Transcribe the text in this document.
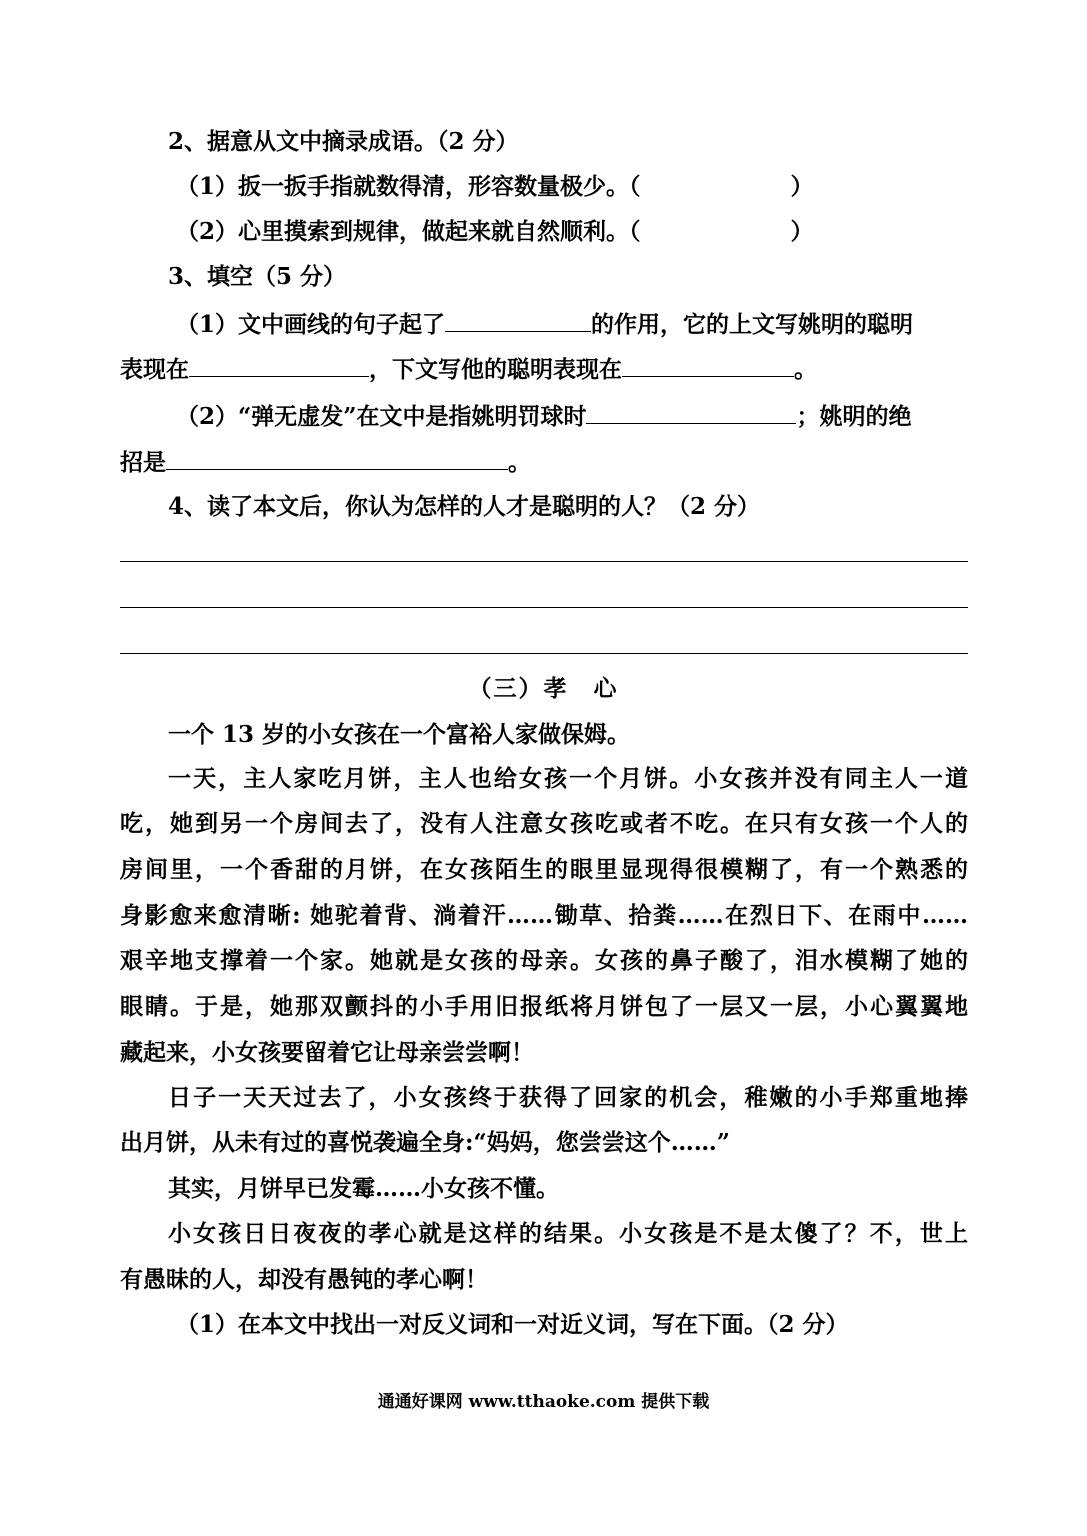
2、据意从文中摘录成语。（2 分）
（1）扳一扳手指就数得清，形容数量极少。（	）
（2）心里摸索到规律，做起来就自然顺利。（	）
3、填空（5 分）
（1）文中画线的句子起了	的作用，它的上文写姚明的聪明
表现在	，下文写他的聪明表现在	。
（2）“弹无虚发”在文中是指姚明罚球时	；姚明的绝
招是	。
4、读了本文后，你认为怎样的人才是聪明的人？（2 分）
（三）孝　心
一个 13 岁的小女孩在一个富裕人家做保姆。
一天，主人家吃月饼，主人也给女孩一个月饼。小女孩并没有同主人一道
吃，她到另一个房间去了，没有人注意女孩吃或者不吃。在只有女孩一个人的
房间里，一个香甜的月饼，在女孩陌生的眼里显现得很模糊了，有一个熟悉的
身影愈来愈清晰: 她驼着背、淌着汗……锄草、拾粪……在烈日下、在雨中……
艰辛地支撑着一个家。她就是女孩的母亲。女孩的鼻子酸了，泪水模糊了她的
眼睛。于是，她那双颤抖的小手用旧报纸将月饼包了一层又一层，小心翼翼地
藏起来，小女孩要留着它让母亲尝尝啊！
日子一天天过去了，小女孩终于获得了回家的机会，稚嫩的小手郑重地捧
出月饼，从未有过的喜悦袭遍全身:“妈妈，您尝尝这个……”
其实，月饼早已发霉……小女孩不懂。
小女孩日日夜夜的孝心就是这样的结果。小女孩是不是太傻了？不，世上
有愚昧的人，却没有愚钝的孝心啊！
（1）在本文中找出一对反义词和一对近义词，写在下面。（2 分）
通通好课网 www.tthaoke.com 提供下载
